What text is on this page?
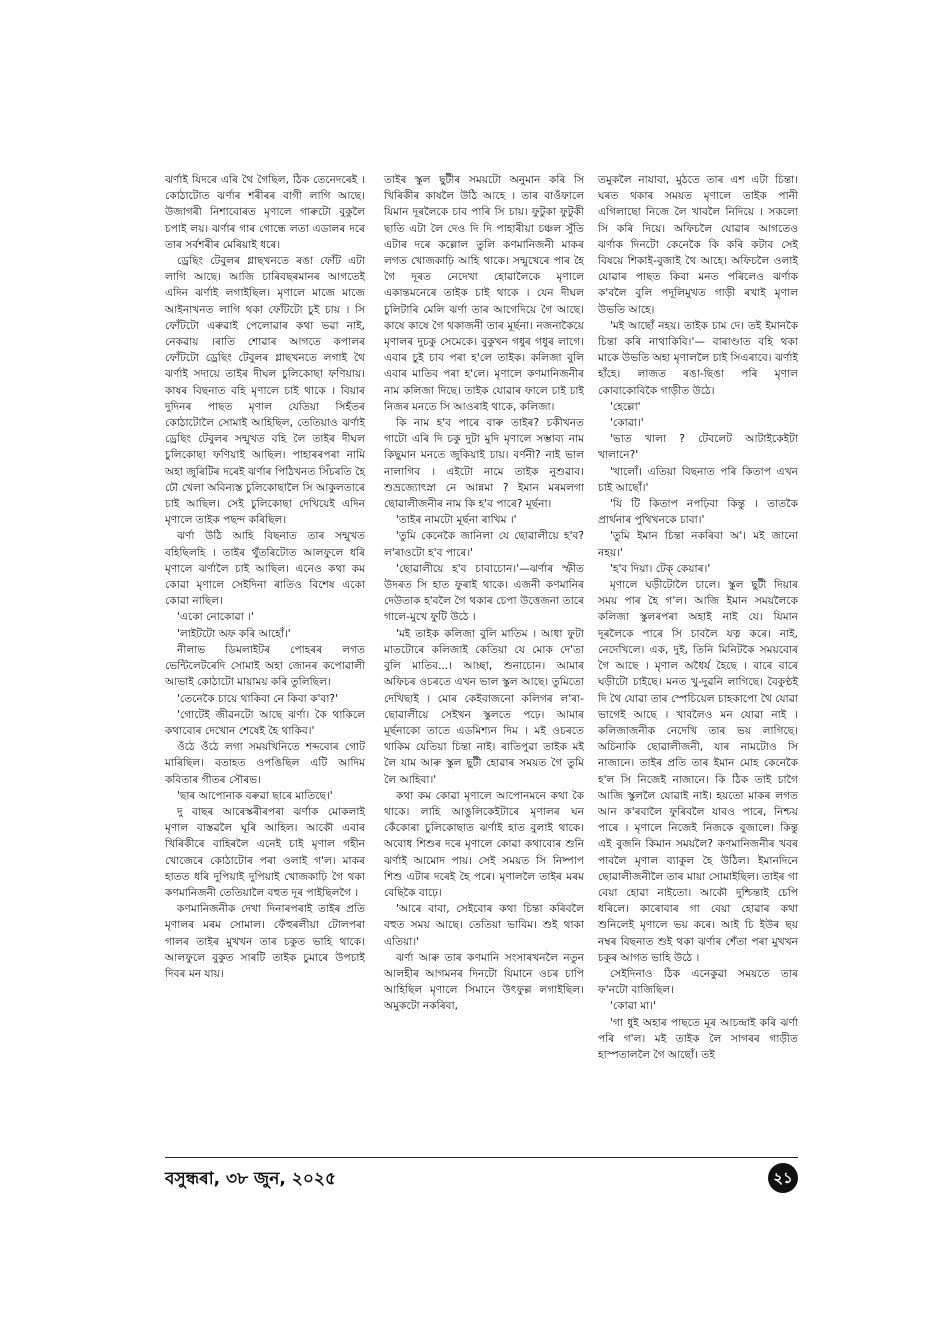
ঝৰ্ণাই যিদৰে এৰি থৈ গৈছিল, ঠিক তেনেদৰেই । কোঠাটোত ঝৰ্ণাৰ শৰীৰৰ বাগী লাগি আছে। উজাগৰী নিশাবোৰত মৃণালে গাৰুটো বুকুলৈ চপাই লয়। ঝৰ্ণাৰ গাৰ গোন্ধে লতা এডালৰ দৰে তাৰ সৰ্বশৰীৰ মেৰিয়াই ধৰে।

ড্ৰেছিং টেবুলৰ গ্লাছখনতে ৰঙা ফোঁট এটা লাগি আছে। আজি চাৰিবছৰমানৰ আগতেই এদিন ঝৰ্ণাই লগাইছিল। মৃণালে মাজে মাজে আইনাখনত লাগি থকা ফোঁটটো চুই চায় । সি ফোঁটটো এৰুৱাই পেলোৱাৰ কথা ভৱা নাই, নেকৱায় ।ৰাতি শোৱাৰ আগতে কপালৰ ফোঁটটো ড্ৰেছিং টেবুলৰ গ্লাছখনতে লগাই থৈ ঝৰ্ণাই সদায়ে তাইৰ দীঘল চুলিকোছা ফণিয়ায়। কাষৰ বিছনাত বহি মৃণালে চাই থাকে । বিয়াৰ দুদিনৰ পাছত মৃণাল যেতিয়া সিহঁতৰ কোঠাটোলৈ সোমাই আহিছিল, তেতিয়াও ঝৰ্ণাই ড্ৰেছিং টেবুলৰ সন্মুখত বহি লৈ তাইৰ দীঘল চুলিকোছা ফণিয়াই আছিল। পাহাৰৰপৰা নামি অহা জুৰিটিৰ দৰেই ঝৰ্ণাৰ পিঠিখনত সিঁচৰতি হৈ ঢৌ খেলা অবিন্যস্ত চুলিকোছালৈ সি আকুলতাৰে চাই আছিল। সেই চুলিকোছা দেখিয়েই এদিন মৃণালে তাইক পছন্দ কৰিছিল।

ঝৰ্ণা উঠি আহি বিছনাত তাৰ সন্মুখত বহিছিলহি । তাইৰ থুঁতৰিটোত আলফুলে ধৰি মৃণালে ঝৰ্ণালৈ চাই আছিল। এনেও কথা কম কোৱা মৃণালে সেইদিনা ৰাতিও বিশেষ একো কোৱা নাছিল।

'একো নোকোৱা ।'

'লাইটটো অফ কৰি আহোঁ।'

নীলাভ ডিমলাইটৰ পোহৰৰ লগত ভেন্টিলেটৰেদি সোমাই অহা জোনৰ কপোৱালী আভাই কোঠাটো মায়াময় কৰি তুলিছিল।

'তেনেকৈ চায়ে থাকিবা নে কিবা ক'বা?'

'গোটেই জীৱনটো আছে ঝৰ্ণা। কৈ থাকিলে কথাবোৰ দেখোন শেষেই হৈ থাকিব।'

ওঁঠে ওঁঠে লগা সময়খিনিতে শব্দবোৰ গোট মাৰিছিল। বতাহত ওপঙিছিল এটি আদিম কবিতাৰ গীতৰ সৌৰভ।

'ছাৰ আপোনাক বৰুৱা ছাৰে মাতিছে।'

দু বাছৰ আৰেস্কৰীৰপৰা ঝৰ্ণাক মোকলাই মৃণাল বাস্তৱলৈ ঘূৰি আহিল। আকৌ এবাৰ খিৰিকীৰে বাহিৰলৈ এনেই চাই মৃণাল গহীন খোজেৰে কোঠাটোৰ পৰা ওলাই গ'ল। মাকৰ হাতত ধৰি দুপিয়াই দুপিয়াই খোজকাঢ়ি গৈ থকা কণমানিজনী তেতিয়ালৈ বহুত দূৰ পাইছিলগৈ ।

কণমানিজনীক দেখা দিনাৰপৰাই তাইৰ প্ৰতি মৃণালৰ মৰম সোমাল। ফেঁহুৰলীয়া টোলপৰা গালৰ তাইৰ মুখখন তাৰ চকুত ভাহি থাকে। আলফুলে বুকুত সাৰটি তাইক চুমাৰে উপচাই দিবৰ মন যায়।

তাইৰ স্কুল ছুটীৰ সময়টো অনুমান কৰি সি খিৰিকীৰ কাষলৈ উঠি আহে । তাৰ বাওঁফালে যিমান দূৰলৈকে চাব পাৰি সি চায়। ফুটুকা ফুটুকী ছাতি এটা লৈ দেও দি দি পাহাৰীয়া চঞ্চল সুঁতি এটাৰ দৰে কল্লোল তুলি কণমানিজনী মাকৰ লগত খোজকাঢ়ি আহি থাকে। সন্মুখেৰে পাৰ হৈ গৈ দূৰত নেদেখা হোৱালৈকে মৃণালে একান্তমনেৰে তাইক চাই থাকে । যেন দীঘল চুলিটাৰি মেলি ঝৰ্ণা তাৰ আগেদিয়ে গৈ আছে। কাষে কাষে গৈ থকাজনী তাৰ মূৰ্ছনা। নজনাকৈয়ে মৃণালৰ দুচকু সেমেকে। বুকুখন গধুৰ গধুৰ লাগে। এবাৰ চুই চাব পৰা হ'লে তাইক। কলিজা বুলি এবাৰ মাতিব পৰা হ'লে। মৃণালে কণমানিজনীৰ নাম কলিজা দিছে। তাইক যোৱাৰ ফালে চাই চাই নিজৰ মনতে সি আওৰাই থাকে, কলিজা।

কি নাম হ'ব পাৰে বাৰু তাইৰ? চকীখনত গাটো এৰি দি চকু দুটা মুদি মৃণালে সম্ভাব্য নাম কিছুমান মনতে জুকিয়াই চায়। বৰ্ণনী? নাই ভাল নালাগিব । এইটো নামে তাইক নুশুৱাব। শুভ্ৰজ্যোৎস্না নে আন্নমা ? ইমান মৰমলগা ছোৱালীজনীৰ নাম কি হ'ব পাৰে? মূৰ্ছনা।

'তাইৰ নামটো মূৰ্ছনা ৰাখিম ।'

'তুমি কেনেকৈ জানিলা যে ছোৱালীয়ে হ'ব? ল'ৰাওটো হ'ব পাৰে।'

'ছোৱালীয়ে হ'ব চাবাচোন।'—ঝৰ্ণাৰ স্ফীত উদৰত সি হাত ফুৰাই থাকে। এজনী কণমানিৰ দেউতাক হ'বলৈ গৈ থকাৰ চেপা উত্তেজনা তাৰে গালে-মুখে ফুটি উঠে ।

'মই তাইক কলিজা বুলি মাতিম । আধা ফুটা মাতটোৰে কলিজাই কেতিয়া যে মোক দে'তা বুলি মাতিব...। আচ্ছা, শুনাচোন। আমাৰ অফিচৰ ওচৰতে এখন ভাল স্কুল আছে। তুমিতো দেখিছাই । মোৰ কেইবাজনো কলিগৰ ল'ৰা-ছোৱালীয়ে সেইখন স্কুলতে পঢ়ে। আমাৰ মূৰ্ছনাকো তাতে এডমিশ্যন দিম । মই ওচৰতে থাকিম যেতিয়া চিন্তা নাই। ৰাতিপুৱা তাইক মই লৈ যাম আৰু স্কুল ছুটী হোৱাৰ সময়ত গৈ তুমি লৈ আহিবা।'

কথা কম কোৱা মৃণালে আপোনমনে কথা কৈ থাকে। লাহি আঙুলিকেইটাৰে মৃণালৰ ঘন কেঁকোৰা চুলিকোছাত ঝৰ্ণাই হাত বুলাই থাকে। অবোধ শিশুৰ দৰে মৃণালে কোৱা কথাবোৰ শুনি ঝৰ্ণাই আমোদ পায়। সেই সময়ত সি নিষ্পাপ শিশু এটাৰ দৰেই হৈ পৰে। মৃণাললৈ তাইৰ মৰম বেছিকৈ বাঢ়ে।

'আৰে বাবা, সেইবোৰ কথা চিন্তা কৰিবলৈ বহুত সময় আছে। তেতিয়া ভাবিম। শুই থাকা এতিয়া।'

ঝৰ্ণা আৰু তাৰ কণমানি সংসাৰখনলৈ নতুন আলহীৰ আগমনৰ দিনটো যিমানে ওচৰ চাপি আহিছিল মৃণালে সিমানে উৎফুল্ল লগাইছিল। অমুকটো নকৰিবা,

তমুকলৈ নাযাবা, মুঠতে তাৰ এশ এটা চিন্তা। ঘৰত থকাৰ সময়ত মৃণালে তাইক পানী এগিলাছো নিজে লৈ খাবলৈ নিদিয়ে । সকলো সি কৰি দিয়ে। অফিচলৈ যোৱাৰ আগতেও ঝৰ্ণাক দিনটো কেনেকৈ কি কৰি কটাব সেই বিষয়ে শিকাই-বুজাই থৈ আহে। অফিচলৈ ওলাই যোৱাৰ পাছত কিবা মনত পৰিলেও ঝৰ্ণাক ক'বলৈ বুলি পদূলিমুখত গাড়ী ৰখাই মৃণাল উভতি আহে।

'মই আছোঁ নহয়। তাইক চাম দে। তই ইমানকৈ চিন্তা কৰি নাথাকিবি।'— বাৰাণ্ডাত বহি থকা মাকে উভতি অহা মৃণাললৈ চাই সিএৰাবে। ঝৰ্ণাই হাঁহে। লাজত ৰঙা-ছিঙা পৰি মৃণাল কোবাকোবিকৈ গাড়ীত উঠে।

'হেল্লো'

'কোৱা।'

'ভাত খালা ? টেবলেট আটাইকেইটা খালানে?'

'খালোঁ। এতিয়া বিছনাত পৰি কিতাপ এখন চাই আছোঁ।'

'যি টি কিতাপ নপঢ়িবা কিন্তু । তাতকৈ প্ৰাৰ্থনাৰ পুথিখনকে চাবা।'

'তুমি ইমান চিন্তা নকৰিবা অ'। মই জানো নহয়।'

'হ'ব দিয়া। টেক্ কেয়াৰ।'

মৃণালে ঘড়ীটোলৈ চালে। স্কুল ছুটী দিয়াৰ সময় পাৰ হৈ গ'ল। আজি ইমান সময়লৈকে কলিজা স্কুলৰপৰা অহাই নাই যে। যিমান দূৰলৈকে পাৰে সি চাবলৈ যত্ন কৰে। নাই, নেদেখিলে। এক, দুই, তিনি মিনিটকৈ সময়বোৰ গৈ আছে । মৃণাল অধৈৰ্য হৈছে । বাৰে বাৰে ঘড়ীটো চাইছে। মনত খু-দুৱনি লাগিছে। বৈকুণ্ঠই দি থৈ যোৱা তাৰ স্পেচিয়েল চাহকাপো থৈ যোৱা ভাগেই আছে । খাবলৈও মন যোৱা নাই । কলিজাজনীক নেদেখি তাৰ ভয় লাগিছে। অচিনাকি ছোৱালীজনী, যাৰ নামটোও সি নাজানে। তাইৰ প্ৰতি তাৰ ইমান মোহ কেনেকৈ হ'ল সি নিজেই নাজানে। কি ঠিক তাই চাগৈ আজি স্কুললৈ যোৱাই নাই। হয়তো মাকৰ লগত আন ক'ৰবালৈ ফুৰিবলৈ যাবও পাৰে, নিশ্চয় পাৰে । মৃণালে নিজেই নিজকে বুজালে। কিন্তু এই বুজনি কিমান সময়লৈ? কণমানিজনীৰ খবৰ পাবলৈ মৃণাল ব্যাকুল হৈ উঠিল। ইমানদিনে ছোৱালীজনীলৈ তাৰ মায়া সোমাইছিল। তাইৰ গা বেয়া হোৱা নাইতো। আকৌ দুশ্চিন্তাই চেপি ধৰিলে। কাৰোবাৰ গা বেয়া হোৱাৰ কথা শুনিলেই মৃণালে ভয় কৰে। আই চি ইউৰ ছয় নম্বৰ বিছনাত শুই থকা ঝৰ্ণাৰ শেঁতা পৰা মুখখন চকুৰ আগত ভাহি উঠে ।

সেইদিনাও ঠিক এনেকুৱা সময়তে তাৰ ফ'নটো বাজিছিল।

'কোৱা মা।'

'গা ধুই অহাৰ পাছতে মূৰ আচন্দ্ৰাই কৰি ঝৰ্ণা পৰি গ'ল। মই তাইক লৈ সাগৰৰ গাড়ীত হাস্পতাললৈ গৈ আছোঁ। তই

বসুন্ধৰা, ৩৮ জুন, ২০২৫	২১
